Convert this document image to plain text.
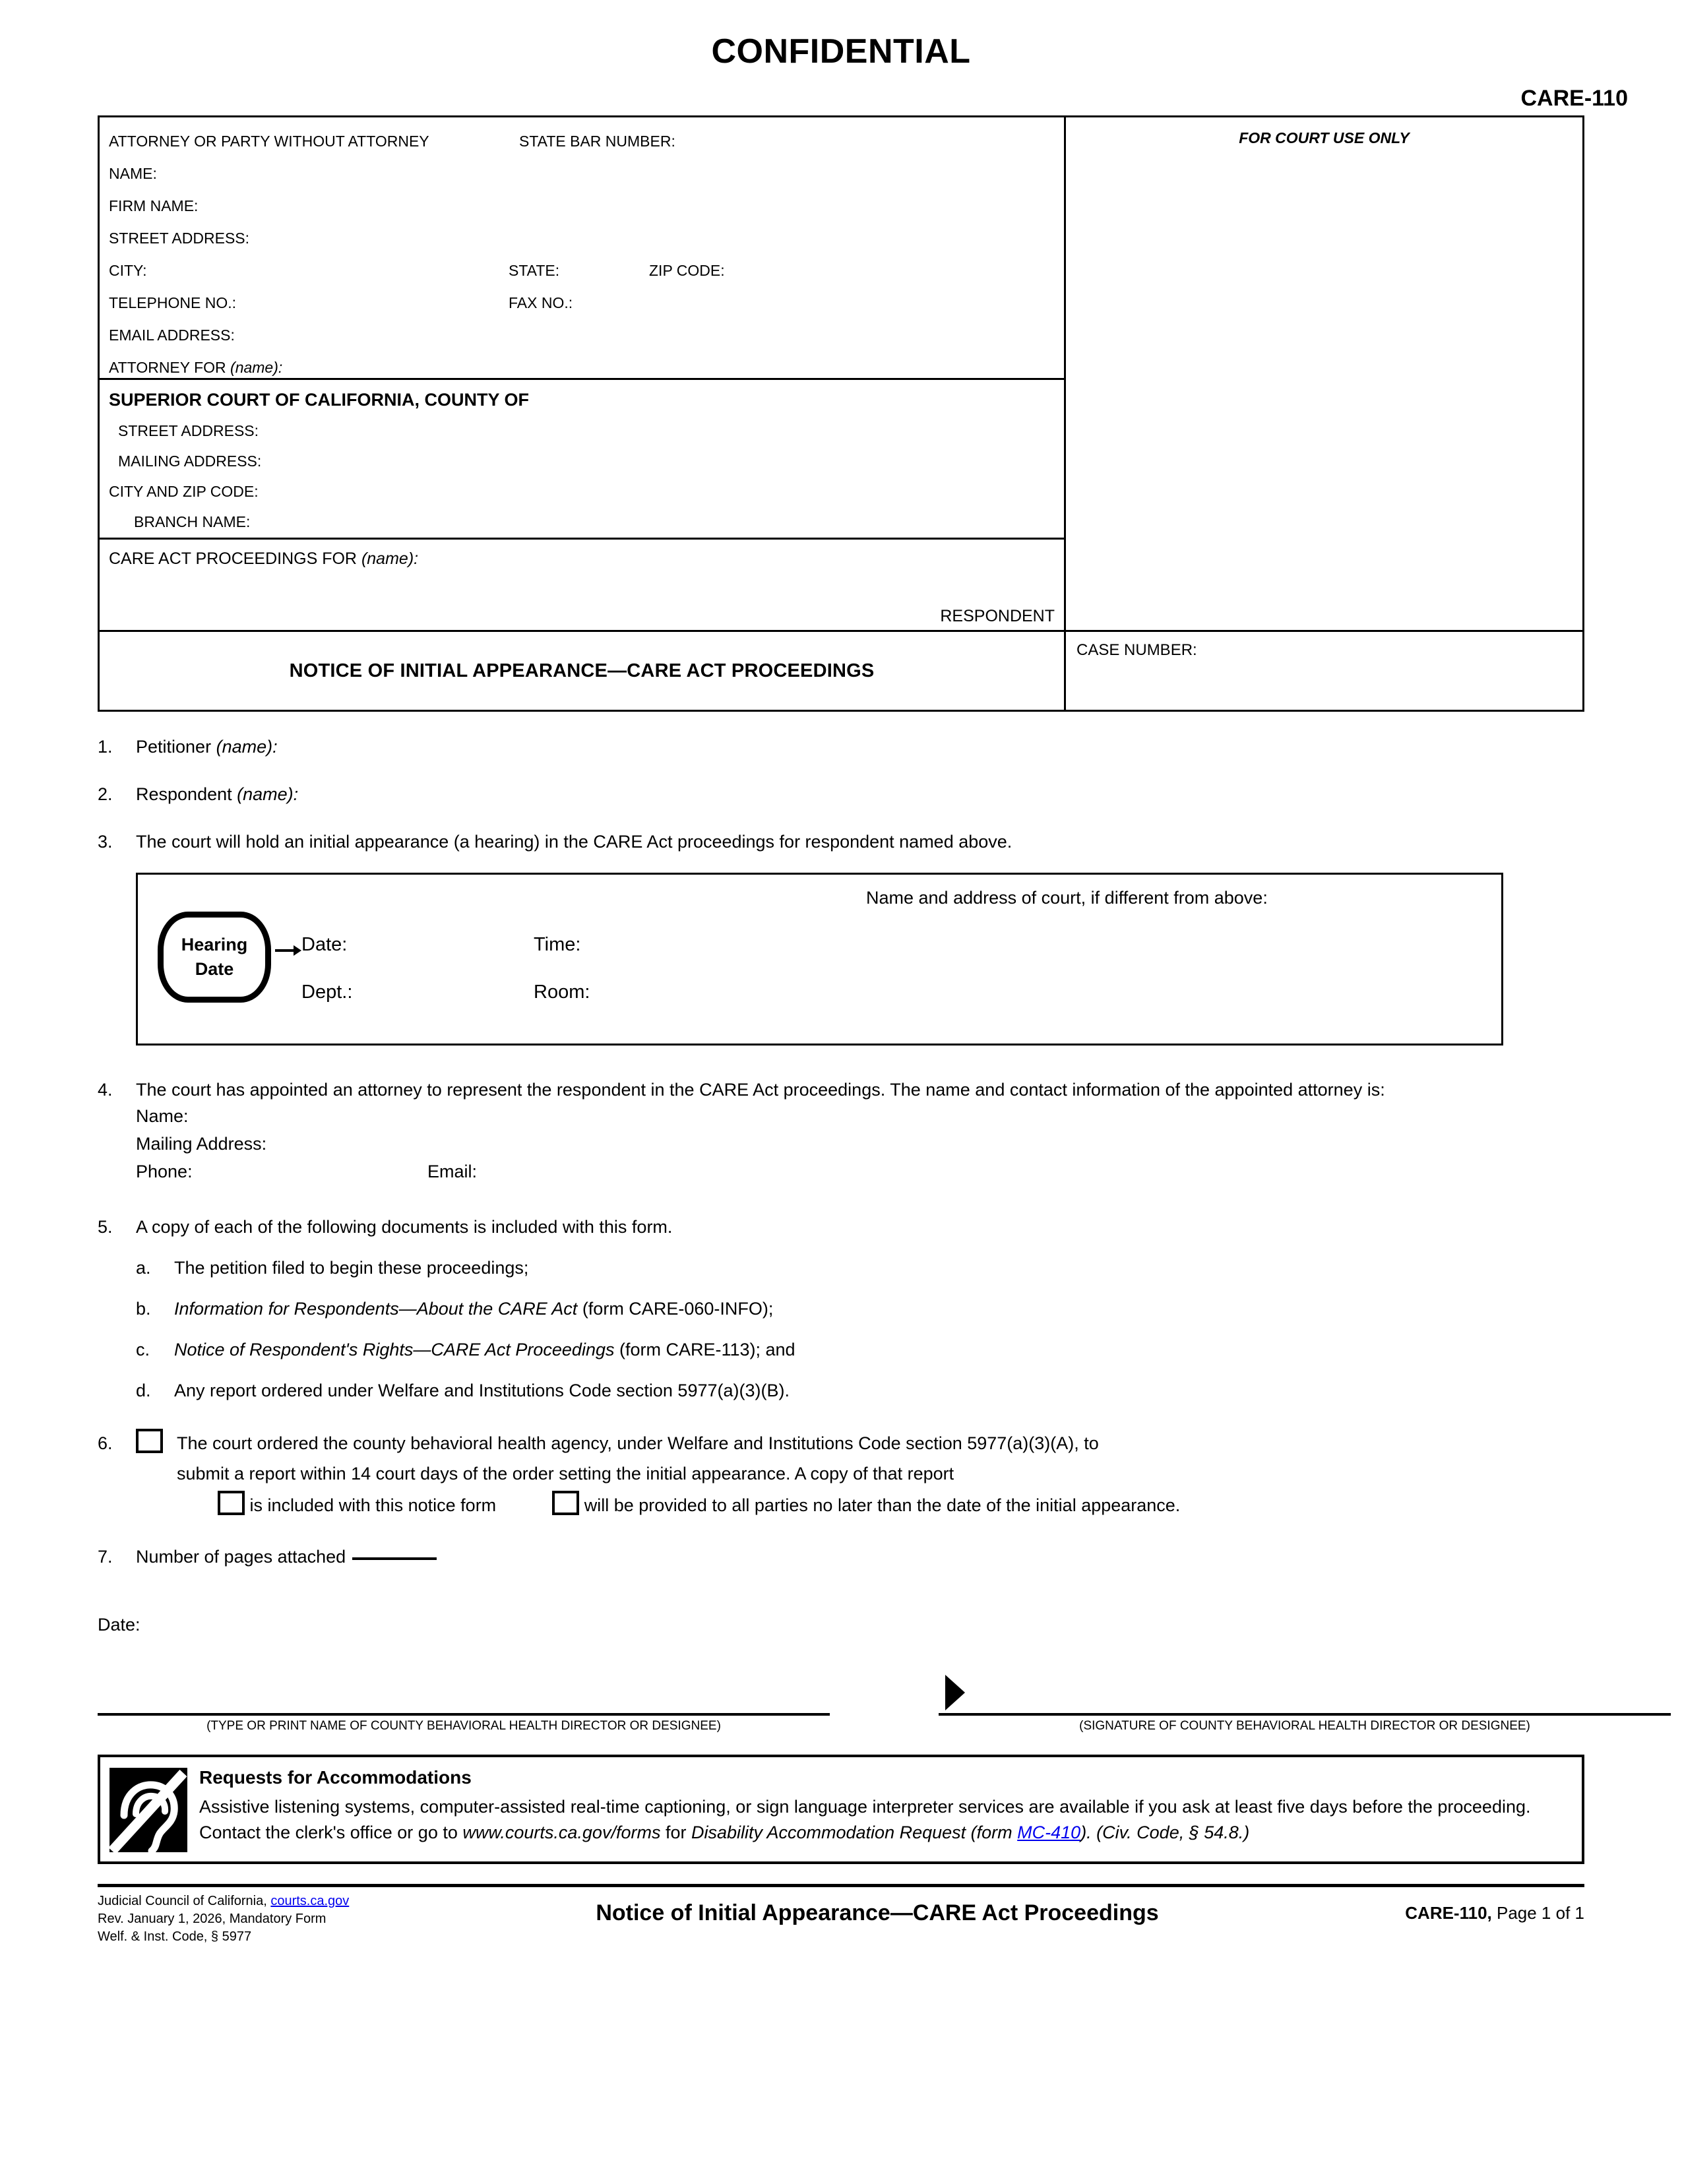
CONFIDENTIAL
CARE-110
ATTORNEY OR PARTY WITHOUT ATTORNEY	STATE BAR NUMBER:
NAME:
FIRM NAME:
STREET ADDRESS:
CITY:	STATE:	ZIP CODE:
TELEPHONE NO.:	FAX NO.:
EMAIL ADDRESS:
ATTORNEY FOR (name):
SUPERIOR COURT OF CALIFORNIA, COUNTY OF
STREET ADDRESS:
MAILING ADDRESS:
CITY AND ZIP CODE:
BRANCH NAME:
CARE ACT PROCEEDINGS FOR (name):
RESPONDENT
NOTICE OF INITIAL APPEARANCE—CARE ACT PROCEEDINGS
FOR COURT USE ONLY
CASE NUMBER:
1.	Petitioner (name):
2.	Respondent (name):
3.	The court will hold an initial appearance (a hearing) in the CARE Act proceedings for respondent named above.
Name and address of court, if different from above:
Hearing
Date
Date:	Time:
Dept.:	Room:
4.	The court has appointed an attorney to represent the respondent in the CARE Act proceedings. The name and contact information of the appointed attorney is:
Name:
Mailing Address:
Phone:	Email:
5.	A copy of each of the following documents is included with this form.
a.	The petition filed to begin these proceedings;
b.	Information for Respondents—About the CARE Act (form CARE-060-INFO);
c.	Notice of Respondent's Rights—CARE Act Proceedings (form CARE-113); and
d.	Any report ordered under Welfare and Institutions Code section 5977(a)(3)(B).
6.	The court ordered the county behavioral health agency, under Welfare and Institutions Code section 5977(a)(3)(A), to
submit a report within 14 court days of the order setting the initial appearance. A copy of that report
is included with this notice form	will be provided to all parties no later than the date of the initial appearance.
7.	Number of pages attached
Date:
(TYPE OR PRINT NAME OF COUNTY BEHAVIORAL HEALTH DIRECTOR OR DESIGNEE)	(SIGNATURE OF COUNTY BEHAVIORAL HEALTH DIRECTOR OR DESIGNEE)
Requests for Accommodations
Assistive listening systems, computer-assisted real-time captioning, or sign language interpreter services are available if you ask at least five days before the proceeding. Contact the clerk's office or go to www.courts.ca.gov/forms for Disability Accommodation Request (form MC-410). (Civ. Code, § 54.8.)
Judicial Council of California, courts.ca.gov
Rev. January 1, 2026, Mandatory Form
Welf. & Inst. Code, § 5977
Notice of Initial Appearance—CARE Act Proceedings	CARE-110, Page 1 of 1
